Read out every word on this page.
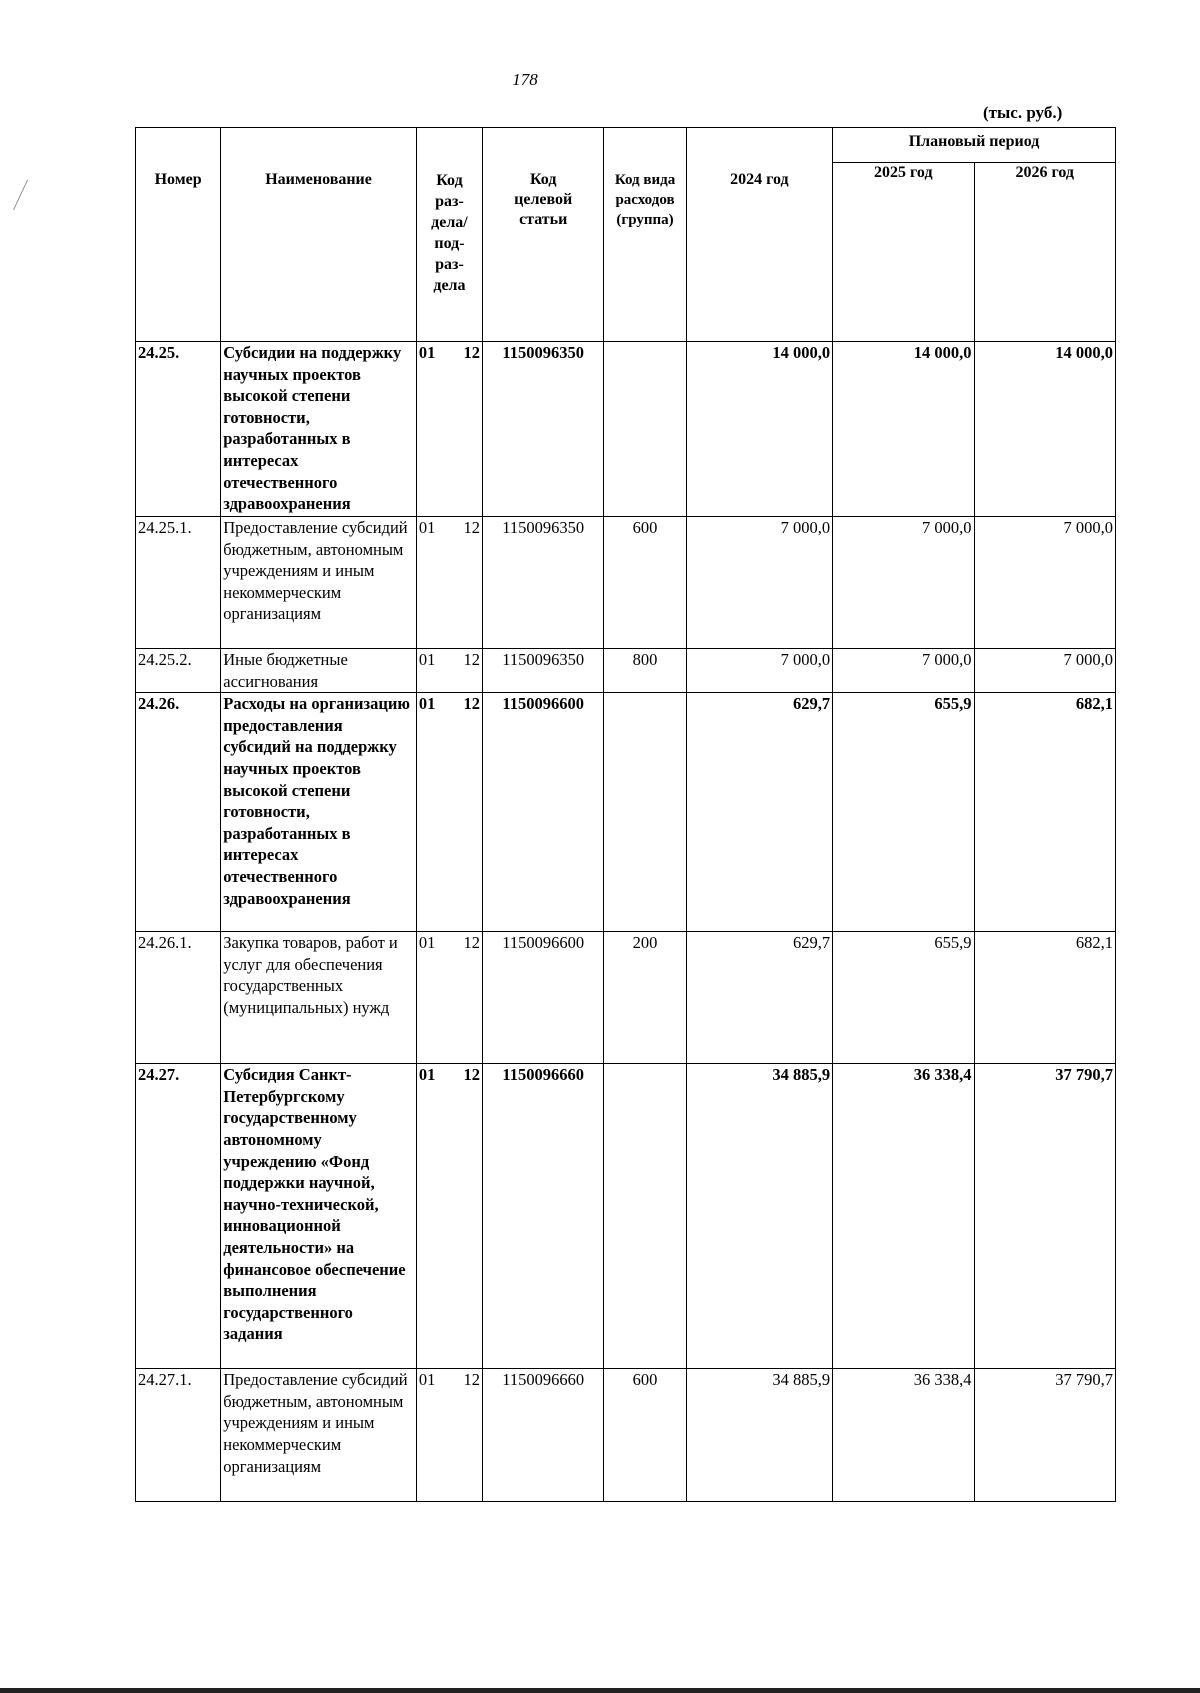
178
(тыс. руб.)
Номер	Наименование	Код раз-дела/ под-раз-дела	Код целевой статьи	Код вида расходов (группа)	2024 год	Плановый период	
						2025 год	2026 год
24.25.	Субсидии на поддержку научных проектов высокой степени готовности, разработанных в интересах отечественного здравоохранения	01 12	1150096350		14 000,0	14 000,0	14 000,0
24.25.1.	Предоставление субсидий бюджетным, автономным учреждениям и иным некоммерческим организациям	01 12	1150096350	600	7 000,0	7 000,0	7 000,0
24.25.2.	Иные бюджетные ассигнования	01 12	1150096350	800	7 000,0	7 000,0	7 000,0
24.26.	Расходы на организацию предоставления субсидий на поддержку научных проектов высокой степени готовности, разработанных в интересах отечественного здравоохранения	01 12	1150096600		629,7	655,9	682,1
24.26.1.	Закупка товаров, работ и услуг для обеспечения государственных (муниципальных) нужд	01 12	1150096600	200	629,7	655,9	682,1
24.27.	Субсидия Санкт-Петербургскому государственному автономному учреждению «Фонд поддержки научной, научно-технической, инновационной деятельности» на финансовое обеспечение выполнения государственного задания	01 12	1150096660		34 885,9	36 338,4	37 790,7
24.27.1.	Предоставление субсидий бюджетным, автономным учреждениям и иным некоммерческим организациям	01 12	1150096660	600	34 885,9	36 338,4	37 790,7
